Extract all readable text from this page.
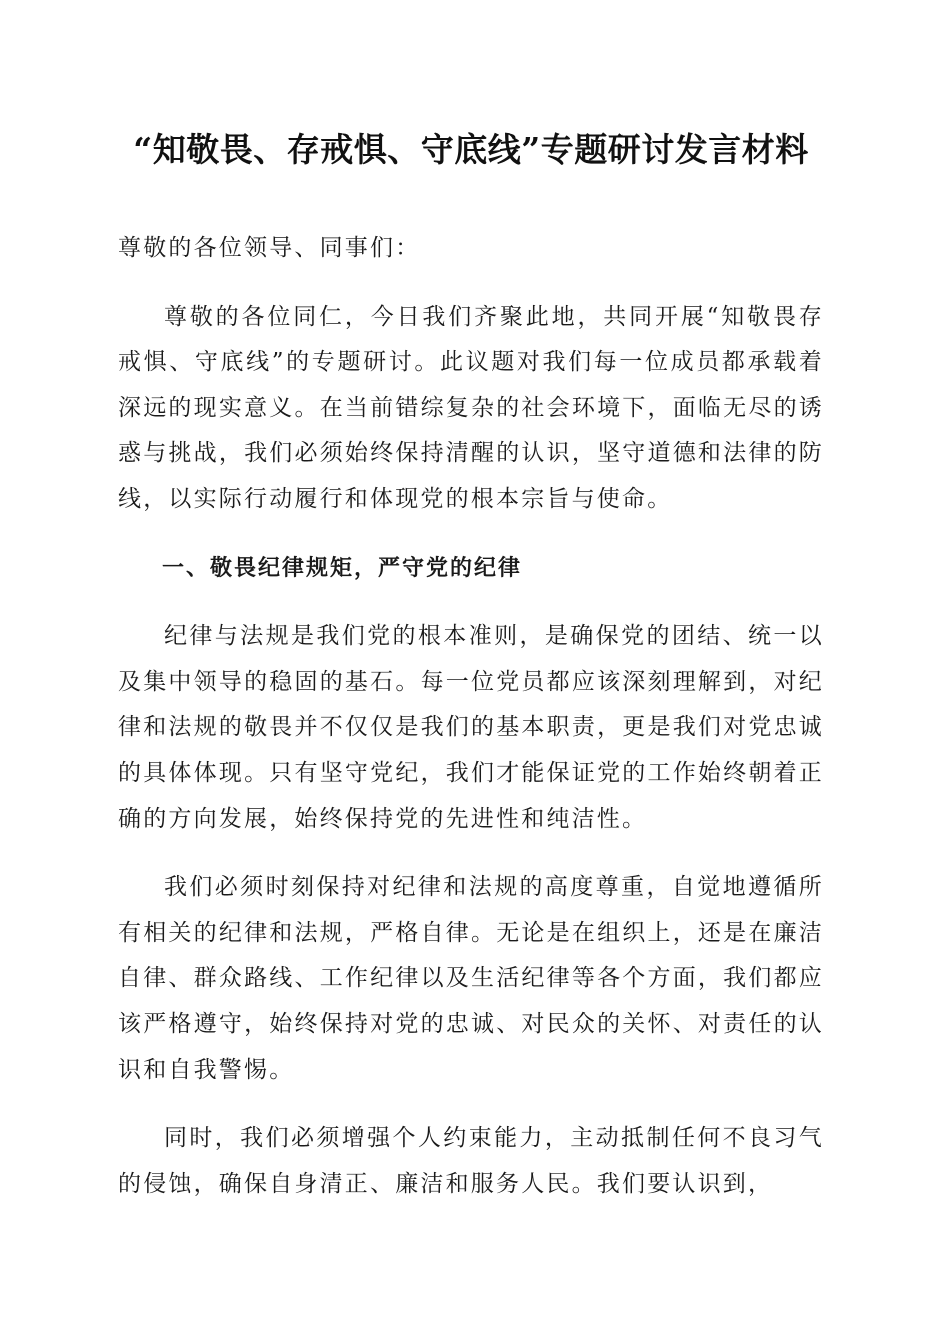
“知敬畏、存戒惧、守底线”专题研讨发言材料

尊敬的各位领导、同事们：

尊敬的各位同仁，今日我们齐聚此地，共同开展“知敬畏存戒惧、守底线”的专题研讨。此议题对我们每一位成员都承载着深远的现实意义。在当前错综复杂的社会环境下，面临无尽的诱惑与挑战，我们必须始终保持清醒的认识，坚守道德和法律的防线，以实际行动履行和体现党的根本宗旨与使命。

一、敬畏纪律规矩，严守党的纪律

纪律与法规是我们党的根本准则，是确保党的团结、统一以及集中领导的稳固的基石。每一位党员都应该深刻理解到，对纪律和法规的敬畏并不仅仅是我们的基本职责，更是我们对党忠诚的具体体现。只有坚守党纪，我们才能保证党的工作始终朝着正确的方向发展，始终保持党的先进性和纯洁性。

我们必须时刻保持对纪律和法规的高度尊重，自觉地遵循所有相关的纪律和法规，严格自律。无论是在组织上，还是在廉洁自律、群众路线、工作纪律以及生活纪律等各个方面，我们都应该严格遵守，始终保持对党的忠诚、对民众的关怀、对责任的认识和自我警惕。

同时，我们必须增强个人约束能力，主动抵制任何不良习气的侵蚀，确保自身清正、廉洁和服务人民。我们要认识到，
